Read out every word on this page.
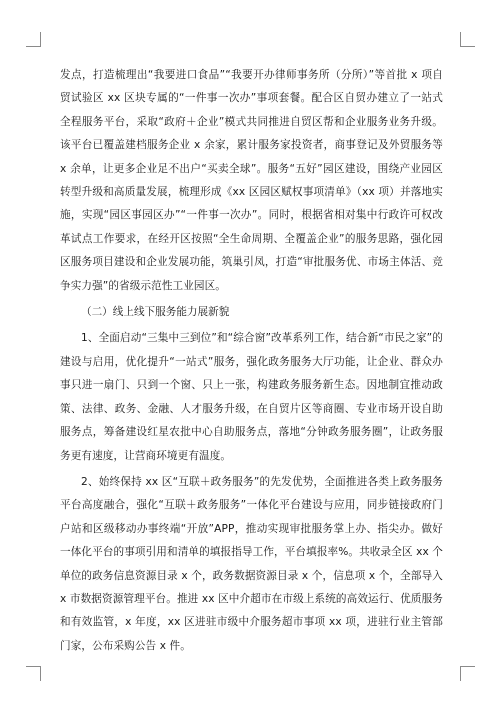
发点，打造梳理出“我要进口食品”“我要开办律师事务所（分所）”等首批 x 项自贸试验区 xx 区块专属的“一件事一次办”事项套餐。配合区自贸办建立了一站式全程服务平台，采取“政府＋企业”模式共同推进自贸区帮和企业服务业务升级。该平台已覆盖建档服务企业 x 余家，累计服务家投资者，商事登记及外贸服务等 x 余单，让更多企业足不出户“买卖全球”。服务“五好”园区建设，围绕产业园区转型升级和高质量发展，梳理形成《xx 区园区赋权事项清单》（xx 项）并落地实施，实现“园区事园区办”“一件事一次办”。同时，根据省相对集中行政许可权改革试点工作要求，在经开区按照“全生命周期、全覆盖企业”的服务思路，强化园区服务项目建设和企业发展功能，筑巢引凤，打造“审批服务优、市场主体活、竞争实力强”的省级示范性工业园区。

（二）线上线下服务能力展新貌

1、全面启动“三集中三到位”和“综合窗”改革系列工作，结合新“市民之家”的建设与启用，优化提升“一站式”服务，强化政务服务大厅功能，让企业、群众办事只进一扇门、只到一个窗、只上一张，构建政务服务新生态。因地制宜推动政策、法律、政务、金融、人才服务升级，在自贸片区等商圈、专业市场开设自助服务点，筹备建设红星农批中心自助服务点，落地“分钟政务服务圈”，让政务服务更有速度，让营商环境更有温度。

2、始终保持 xx 区“互联＋政务服务”的先发优势，全面推进各类上政务服务平台高度融合，强化“互联＋政务服务”一体化平台建设与应用，同步链接政府门户站和区级移动办事终端“开放”APP，推动实现审批服务掌上办、指尖办。做好一体化平台的事项引用和清单的填报指导工作，平台填报率%。共收录全区 xx 个单位的政务信息资源目录 x 个，政务数据资源目录 x 个，信息项 x 个，全部导入 x 市数据资源管理平台。推进 xx 区中介超市在市级上系统的高效运行、优质服务和有效监管，x 年度，xx 区进驻市级中介服务超市事项 xx 项，进驻行业主管部门家，公布采购公告 x 件。
